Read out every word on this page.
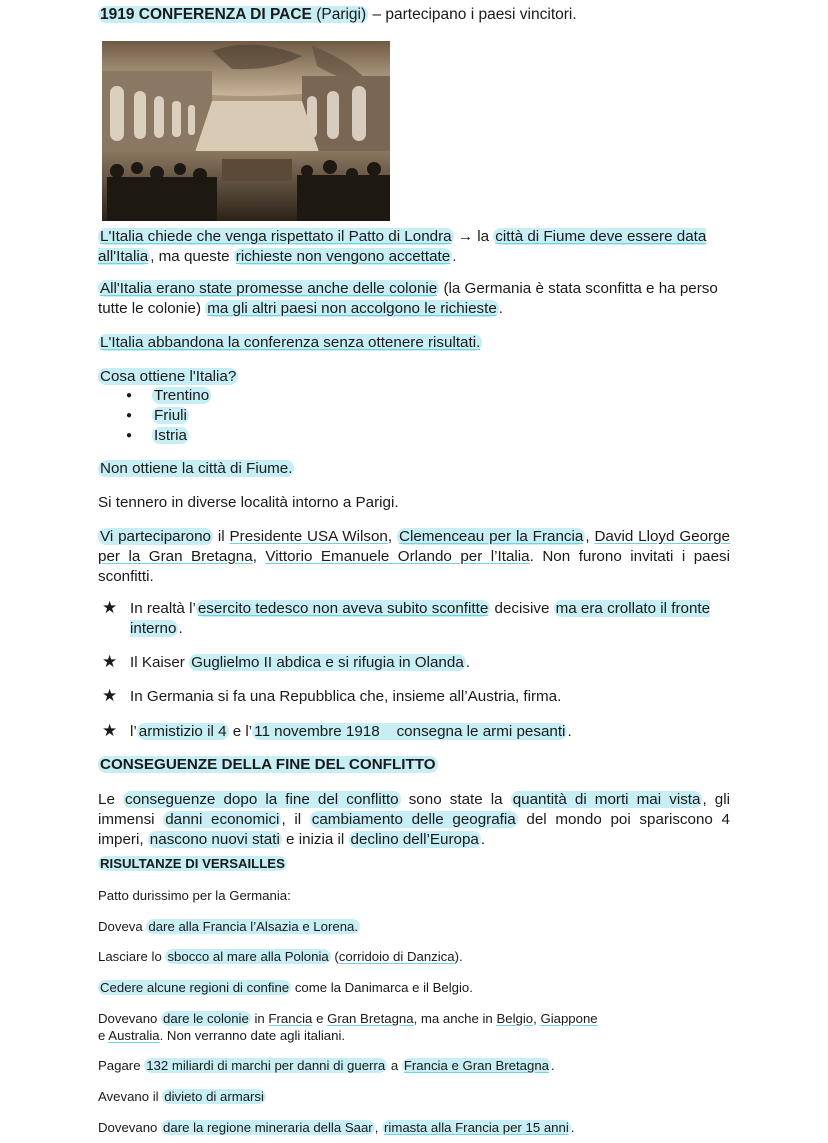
1919 CONFERENZA DI PACE (Parigi) – partecipano i paesi vincitori.

L'Italia chiede che venga rispettato il Patto di Londra → la città di Fiume deve essere data all'Italia , ma queste richieste non vengono accettate .

All'Italia erano state promesse anche delle colonie (la Germania è stata sconfitta e ha perso tutte le colonie) ma gli altri paesi non accolgono le richieste .

L'Italia abbandona la conferenza senza ottenere risultati.

Cosa ottiene l'Italia?

● Trentino
● Friuli
● Istria

Non ottiene la città di Fiume.

Si tennero in diverse località intorno a Parigi.

Vi parteciparono il Presidente USA Wilson, Clemenceau per la Francia , David Lloyd George per la Gran Bretagna, Vittorio Emanuele Orlando per l’Italia. Non furono invitati i paesi sconfitti.

★ In realtà l’ esercito tedesco non aveva subito sconfitte decisive ma era crollato il fronte interno .

★ Il Kaiser Guglielmo II abdica e si rifugia in Olanda .

★ In Germania si fa una Repubblica che, insieme all’Austria, firma.

★ l’ armistizio il 4 e l’ 11 novembre 1918    consegna le armi pesanti .

CONSEGUENZE DELLA FINE DEL CONFLITTO

Le conseguenze dopo la fine del conflitto sono state la quantità di morti mai vista , gli immensi danni economici , il cambiamento delle geografia del mondo poi spariscono 4 imperi, nascono nuovi stati e inizia il declino dell’Europa .

RISULTANZE DI VERSAILLES

Patto durissimo per la Germania:

Doveva dare alla Francia l’Alsazia e Lorena.

Lasciare lo sbocco al mare alla Polonia (corridoio di Danzica).

Cedere alcune regioni di confine come la Danimarca e il Belgio.

Dovevano dare le colonie in Francia e Gran Bretagna, ma anche in Belgio, Giappone
e Australia. Non verranno date agli italiani.

Pagare 132 miliardi di marchi per danni di guerra a Francia e Gran Bretagna .

Avevano il divieto di armarsi

Dovevano dare la regione mineraria della Saar , rimasta alla Francia per 15 anni .
